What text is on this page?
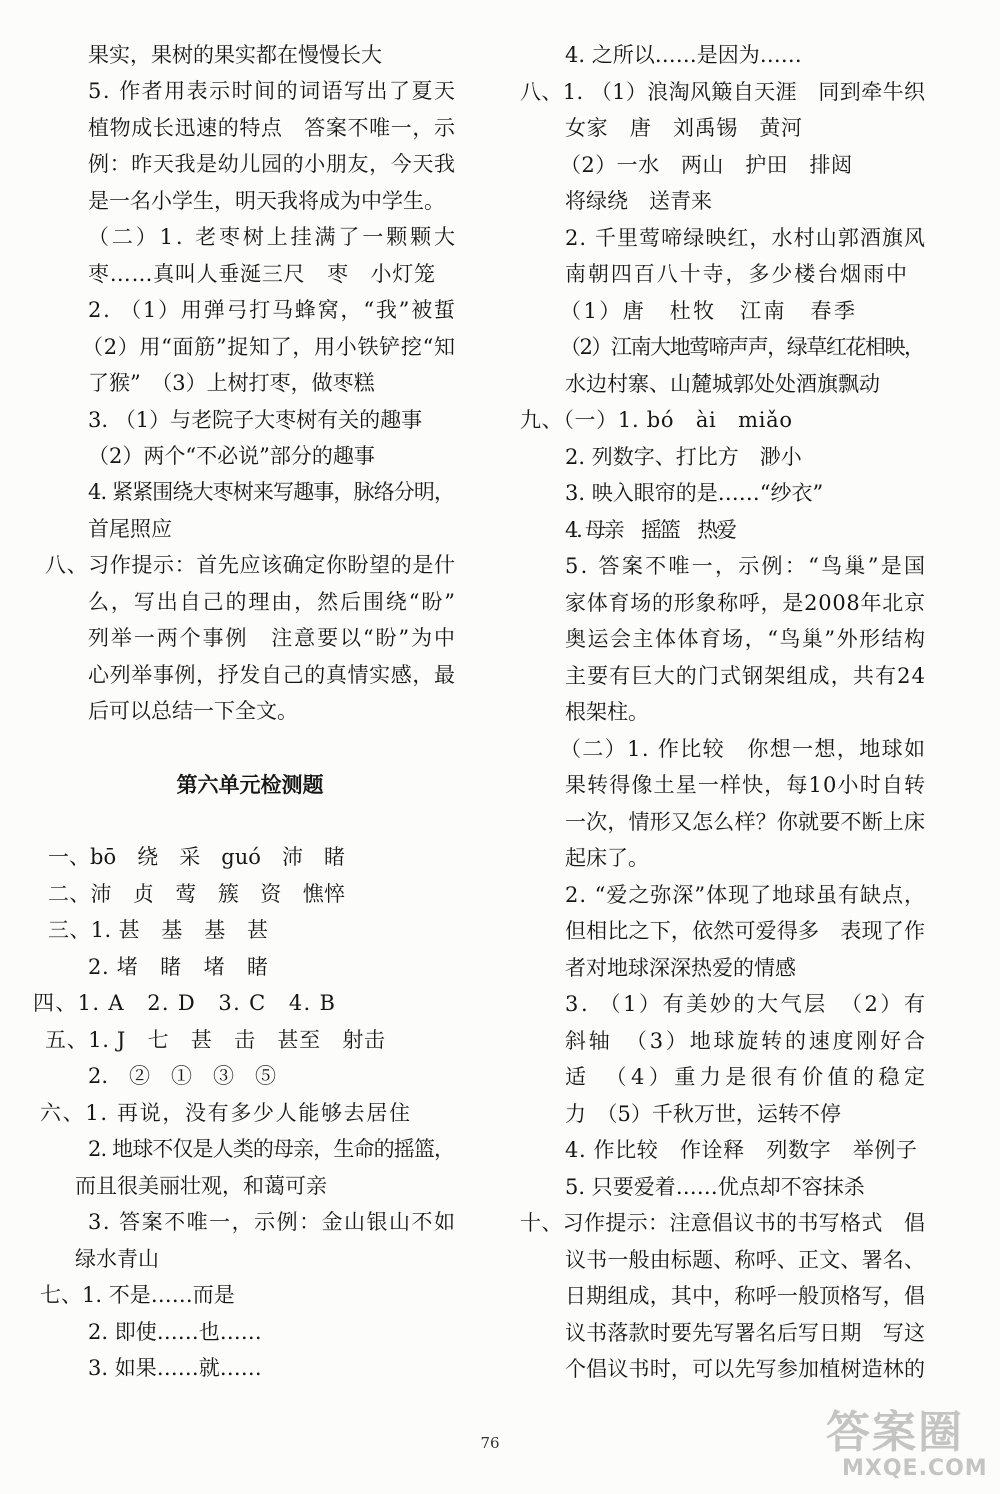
第六单元检测题
果实，果树的果实都在慢慢长大
5. 作者用表示时间的词语写出了夏天
植物成长迅速的特点　答案不唯一，示
例：昨天我是幼儿园的小朋友，今天我
是一名小学生，明天我将成为中学生。
（二）1. 老枣树上挂满了一颗颗大
枣……真叫人垂涎三尺　枣　小灯笼
2. （1）用弹弓打马蜂窝，“我”被蜇
（2）用“面筋”捉知了，用小铁铲挖“知
了猴”　（3）上树打枣，做枣糕
3. （1）与老院子大枣树有关的趣事
（2）两个“不必说”部分的趣事
4. 紧紧围绕大枣树来写趣事，脉络分明，
首尾照应
八、习作提示：首先应该确定你盼望的是什
么，写出自己的理由，然后围绕“盼”
列举一两个事例　注意要以“盼”为中
心列举事例，抒发自己的真情实感，最
后可以总结一下全文。
一、bō　绕　采　guó　沛　睹
二、沛　贞　莺　簇　资　憔悴
三、1. 甚　基　基　甚
2. 堵　睹　堵　睹
四、1. A　2. D　3. C　4. B
五、1. J　七　甚　击　甚至　射击
2.　②　①　③　⑤
六、1. 再说，没有多少人能够去居住
2. 地球不仅是人类的母亲，生命的摇篮，
而且很美丽壮观，和蔼可亲
3. 答案不唯一，示例：金山银山不如
绿水青山
七、1. 不是……而是
2. 即使……也……
3. 如果……就……
4. 之所以……是因为……
八、1. （1）浪淘风簸自天涯　同到牵牛织
女家　唐　刘禹锡　黄河
（2）一水　两山　护田　排闼
将绿绕　送青来
2. 千里莺啼绿映红，水村山郭酒旗风
南朝四百八十寺，多少楼台烟雨中
（1）唐　杜牧　江南　春季
（2）江南大地莺啼声声，绿草红花相映，
水边村寨、山麓城郭处处酒旗飘动
九、（一）1. bó　ài　miǎo
2. 列数字、打比方　渺小
3. 映入眼帘的是……“纱衣”
4. 母亲　摇篮　热爱
5. 答案不唯一，示例：“鸟巢”是国
家体育场的形象称呼，是2008年北京
奥运会主体体育场，“鸟巢”外形结构
主要有巨大的门式钢架组成，共有24
根架柱。
（二）1. 作比较　你想一想，地球如
果转得像土星一样快，每10小时自转
一次，情形又怎么样？你就要不断上床
起床了。
2. “爱之弥深”体现了地球虽有缺点，
但相比之下，依然可爱得多　表现了作
者对地球深深热爱的情感
3. （1）有美妙的大气层　（2）有
斜轴　（3）地球旋转的速度刚好合
适　（4）重力是很有价值的稳定
力　（5）千秋万世，运转不停
4. 作比较　作诠释　列数字　举例子
5. 只要爱着……优点却不容抹杀
十、习作提示：注意倡议书的书写格式　倡
议书一般由标题、称呼、正文、署名、
日期组成，其中，称呼一般顶格写，倡
议书落款时要先写署名后写日期　写这
个倡议书时，可以先写参加植树造林的
76	答案圈
MXQE.COM
